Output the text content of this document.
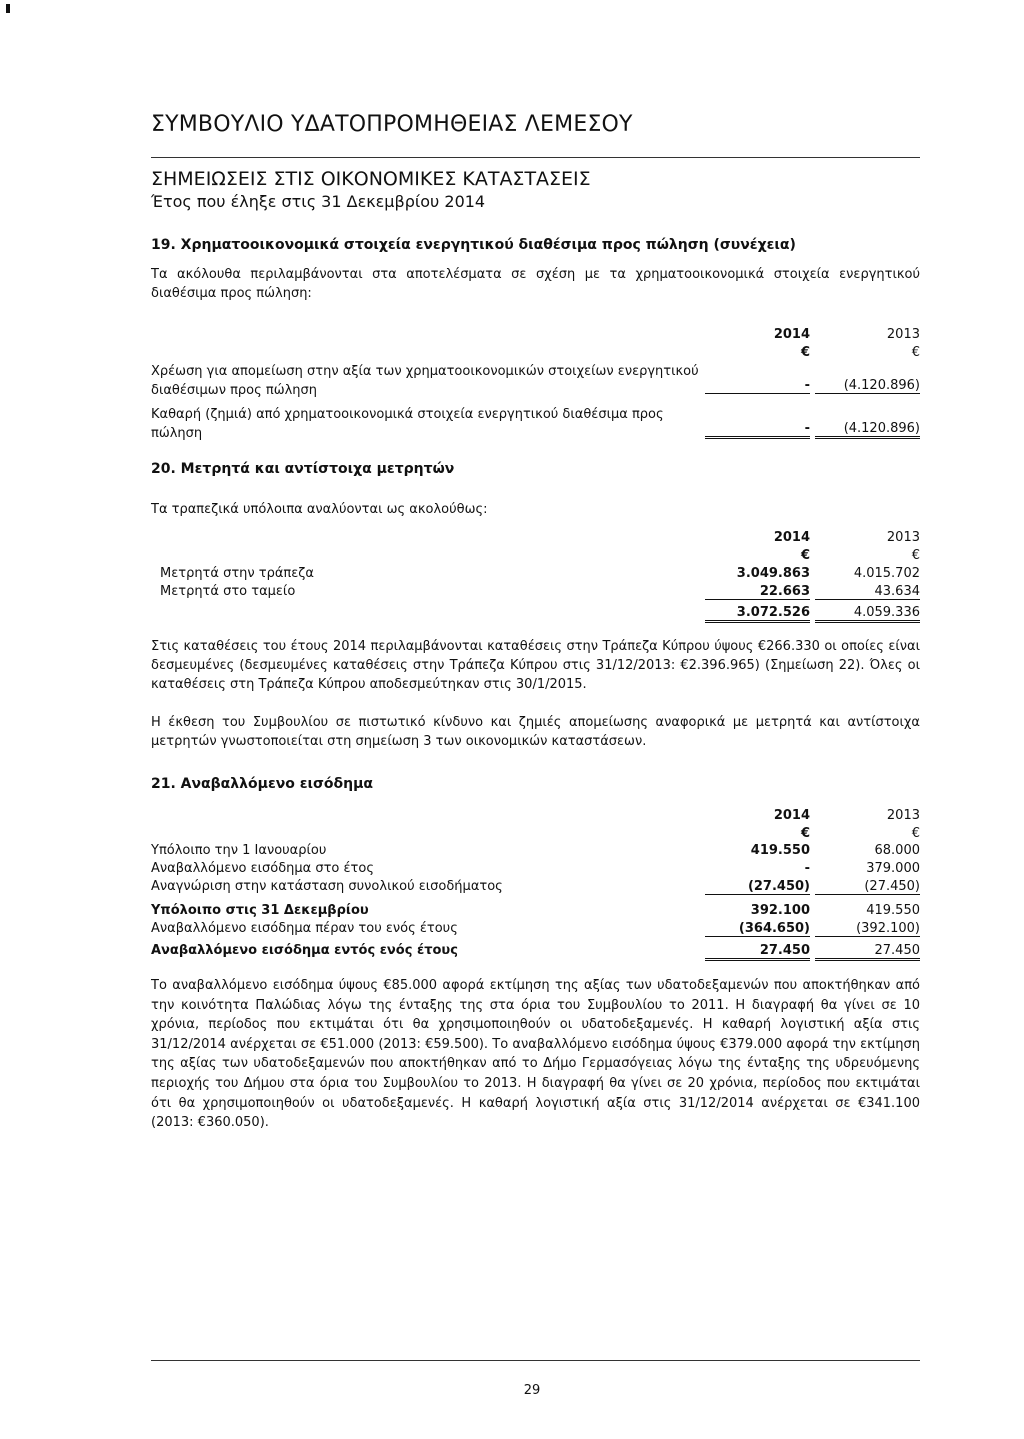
ΣΥΜΒΟΥΛΙΟ ΥΔΑΤΟΠΡΟΜΗΘΕΙΑΣ ΛΕΜΕΣΟΥ
ΣΗΜΕΙΩΣΕΙΣ ΣΤΙΣ ΟΙΚΟΝΟΜΙΚΕΣ ΚΑΤΑΣΤΑΣΕΙΣ
Έτος που έληξε στις 31 Δεκεμβρίου 2014
19. Χρηματοοικονομικά στοιχεία ενεργητικού διαθέσιμα προς πώληση (συνέχεια)
Τα ακόλουθα περιλαμβάνονται στα αποτελέσματα σε σχέση με τα χρηματοοικονομικά στοιχεία ενεργητικού διαθέσιμα προς πώληση:
2014	2013
€	€
Χρέωση για απομείωση στην αξία των χρηματοοικονομικών στοιχείων ενεργητικού διαθέσιμων προς πώληση	-	(4.120.896)
Καθαρή (ζημιά) από χρηματοοικονομικά στοιχεία ενεργητικού διαθέσιμα προς πώληση	-	(4.120.896)
20. Μετρητά και αντίστοιχα μετρητών
Τα τραπεζικά υπόλοιπα αναλύονται ως ακολούθως:
2014	2013
€	€
Μετρητά στην τράπεζα	3.049.863	4.015.702
Μετρητά στο ταμείο	22.663	43.634
3.072.526	4.059.336
Στις καταθέσεις του έτους 2014 περιλαμβάνονται καταθέσεις στην Τράπεζα Κύπρου ύψους €266.330 οι οποίες είναι δεσμευμένες (δεσμευμένες καταθέσεις στην Τράπεζα Κύπρου στις 31/12/2013: €2.396.965) (Σημείωση 22). Όλες οι καταθέσεις στη Τράπεζα Κύπρου αποδεσμεύτηκαν στις 30/1/2015.
Η έκθεση του Συμβουλίου σε πιστωτικό κίνδυνο και ζημιές απομείωσης αναφορικά με μετρητά και αντίστοιχα μετρητών γνωστοποιείται στη σημείωση 3 των οικονομικών καταστάσεων.
21. Αναβαλλόμενο εισόδημα
2014	2013
€	€
Υπόλοιπο την 1 Ιανουαρίου	419.550	68.000
Αναβαλλόμενο εισόδημα στο έτος	-	379.000
Αναγνώριση στην κατάσταση συνολικού εισοδήματος	(27.450)	(27.450)
Υπόλοιπο στις 31 Δεκεμβρίου	392.100	419.550
Αναβαλλόμενο εισόδημα πέραν του ενός έτους	(364.650)	(392.100)
Αναβαλλόμενο εισόδημα εντός ενός έτους	27.450	27.450
Το αναβαλλόμενο εισόδημα ύψους €85.000 αφορά εκτίμηση της αξίας των υδατοδεξαμενών που αποκτήθηκαν από την κοινότητα Παλώδιας λόγω της ένταξης της στα όρια του Συμβουλίου το 2011. Η διαγραφή θα γίνει σε 10 χρόνια, περίοδος που εκτιμάται ότι θα χρησιμοποιηθούν οι υδατοδεξαμενές. Η καθαρή λογιστική αξία στις 31/12/2014 ανέρχεται σε €51.000 (2013: €59.500). Το αναβαλλόμενο εισόδημα ύψους €379.000 αφορά την εκτίμηση της αξίας των υδατοδεξαμενών που αποκτήθηκαν από το Δήμο Γερμασόγειας λόγω της ένταξης της υδρευόμενης περιοχής του Δήμου στα όρια του Συμβουλίου το 2013. Η διαγραφή θα γίνει σε 20 χρόνια, περίοδος που εκτιμάται ότι θα χρησιμοποιηθούν οι υδατοδεξαμενές. Η καθαρή λογιστική αξία στις 31/12/2014 ανέρχεται σε €341.100 (2013: €360.050).
29
